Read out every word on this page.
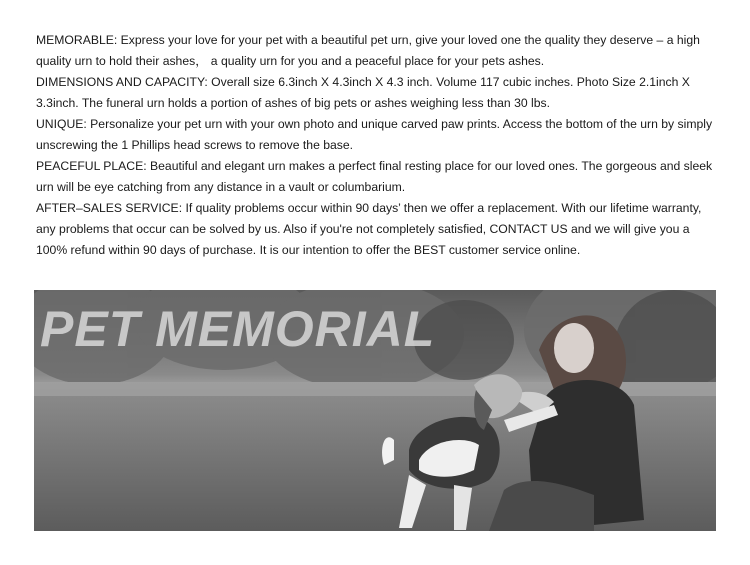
MEMORABLE: Express your love for your pet with a beautiful pet urn, give your loved one the quality they deserve – a high quality urn to hold their ashes， a quality urn for you and a peaceful place for your pets ashes.

DIMENSIONS AND CAPACITY: Overall size 6.3inch X 4.3inch X 4.3 inch. Volume 117 cubic inches. Photo Size 2.1inch X 3.3inch. The funeral urn holds a portion of ashes of big pets or ashes weighing less than 30 lbs.

UNIQUE: Personalize your pet urn with your own photo and unique carved paw prints. Access the bottom of the urn by simply unscrewing the 1 Phillips head screws to remove the base.

PEACEFUL PLACE: Beautiful and elegant urn makes a perfect final resting place for our loved ones. The gorgeous and sleek urn will be eye catching from any distance in a vault or columbarium.

AFTER–SALES SERVICE: If quality problems occur within 90 days’ then we offer a replacement. With our lifetime warranty, any problems that occur can be solved by us. Also if you're not completely satisfied, CONTACT US and we will give you a 100% refund within 90 days of purchase. It is our intention to offer the BEST customer service online.

PET MEMORIAL
